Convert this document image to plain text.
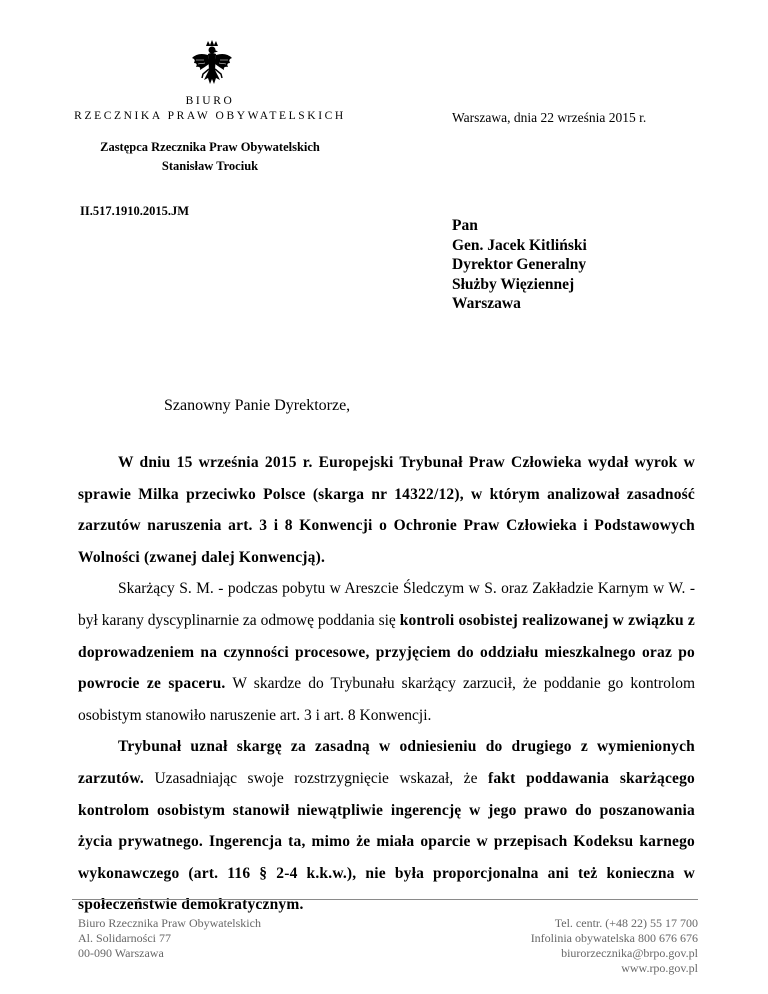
BIURO
RZECZNIKA PRAW OBYWATELSKICH	Warszawa, dnia 22 września 2015 r.
Zastępca Rzecznika Praw Obywatelskich
Stanisław Trociuk
II.517.1910.2015.JM
Pan
Gen. Jacek Kitliński
Dyrektor Generalny
Służby Więziennej
Warszawa
Szanowny Panie Dyrektorze,

W dniu 15 września 2015 r. Europejski Trybunał Praw Człowieka wydał wyrok w sprawie Milka przeciwko Polsce (skarga nr 14322/12), w którym analizował zasadność zarzutów naruszenia art. 3 i 8 Konwencji o Ochronie Praw Człowieka i Podstawowych Wolności (zwanej dalej Konwencją).

Skarżący S. M. - podczas pobytu w Areszcie Śledczym w S. oraz Zakładzie Karnym w W. - był karany dyscyplinarnie za odmowę poddania się kontroli osobistej realizowanej w związku z doprowadzeniem na czynności procesowe, przyjęciem do oddziału mieszkalnego oraz po powrocie ze spaceru. W skardze do Trybunału skarżący zarzucił, że poddanie go kontrolom osobistym stanowiło naruszenie art. 3 i art. 8 Konwencji.

Trybunał uznał skargę za zasadną w odniesieniu do drugiego z wymienionych zarzutów. Uzasadniając swoje rozstrzygnięcie wskazał, że fakt poddawania skarżącego kontrolom osobistym stanowił niewątpliwie ingerencję w jego prawo do poszanowania życia prywatnego. Ingerencja ta, mimo że miała oparcie w przepisach Kodeksu karnego wykonawczego (art. 116 § 2-4 k.k.w.), nie była proporcjonalna ani też konieczna w społeczeństwie demokratycznym.

Biuro Rzecznika Praw Obywatelskich
Al. Solidarności 77
00-090 Warszawa
Tel. centr. (+48 22) 55 17 700
Infolinia obywatelska 800 676 676
biurorzecznika@brpo.gov.pl
www.rpo.gov.pl
